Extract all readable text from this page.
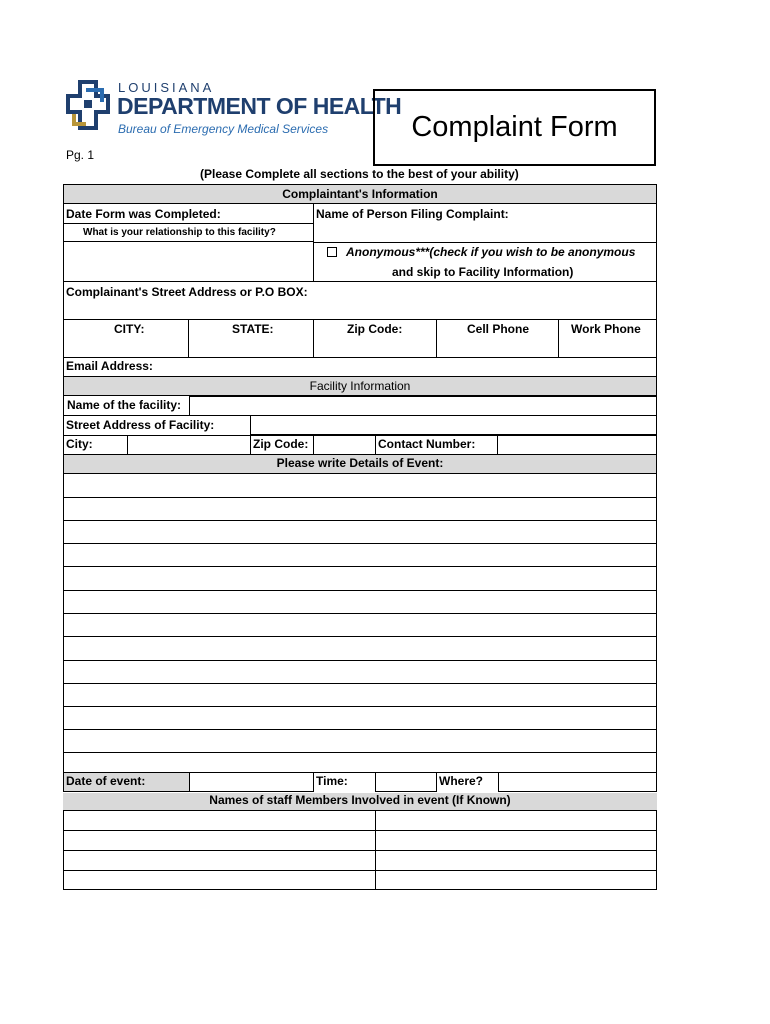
LOUISIANA
DEPARTMENT OF HEALTH
Bureau of Emergency Medical Services	Complaint Form
Pg. 1
(Please Complete all sections to the best of your ability)
Complaintant's Information
Date Form was Completed:	Name of Person Filing Complaint:
What is your relationship to this facility?
Anonymous***(check if you wish to be anonymous
and skip to Facility Information)
Complainant's Street Address or P.O BOX:
CITY:	STATE:	Zip Code:	Cell Phone	Work Phone
Email Address:
Facility Information
Name of the facility:
Street Address of Facility:
City:	Zip Code:	Contact Number:
Please write Details of Event:
Date of event:	Time:	Where?
Names of staff Members Involved in event (If Known)
